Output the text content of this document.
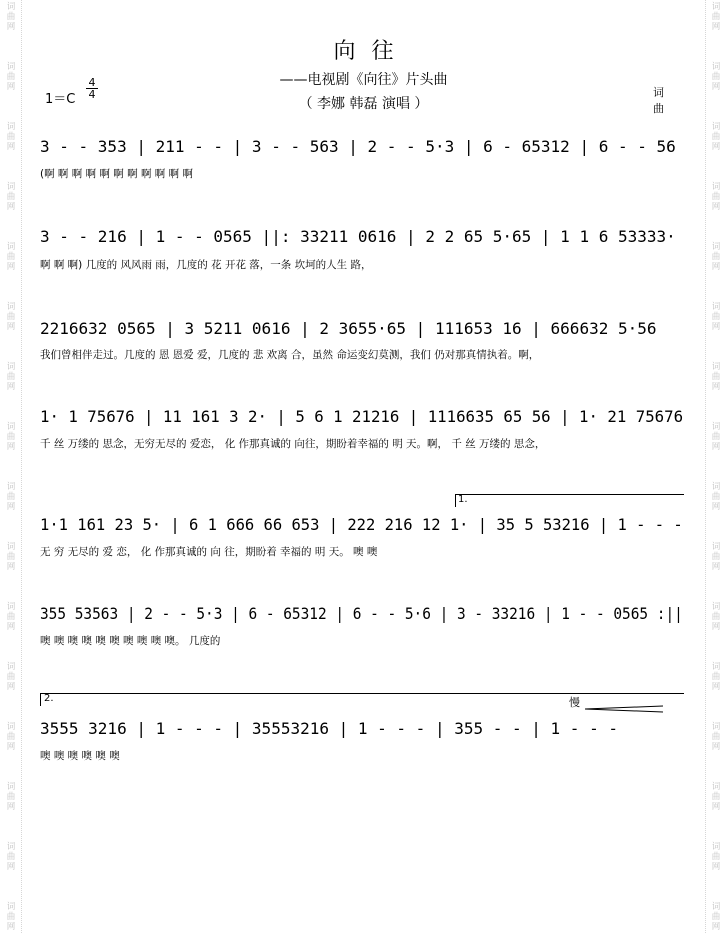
词
曲
网
词
曲
网
词
曲
网
词
曲
网
词
曲
网
词
曲
网
词
曲
网
词
曲
网
词
曲
网
词
曲
网
词
曲
网
词
曲
网
词
曲
网
词
曲
网
词
曲
网
词
曲
网
词
曲
网
词
曲
网
词
曲
网
词
曲
网
词
曲
网
词
曲
网
词
曲
网
词
曲
网
词
曲
网
词
曲
网
词
曲
网
词
曲
网
词
曲
网
词
曲
网
词
曲
网
词
曲
网
向往
——电视剧《向往》片头曲
（ 李娜 韩磊 演唱 ）
1＝C
4
4	词
曲
3 - - 353 | 211 - - | 3 - - 563 | 2 - - 5·3 | 6 - 65312 | 6 - - 56
(啊 啊 啊 啊 啊 啊 啊 啊 啊 啊 啊
3 - - 216 | 1 - - 0565 ||: 33211 0616 | 2 2 65 5·65 | 1 1 6 53333·
啊 啊 啊) 几度的 风风雨 雨，几度的 花 开花 落，一条 坎坷的人生 路，
2216632 0565 | 3 5211 0616 | 2 3655·65 | 111653 16 | 666632 5·56
我们曾相伴走过。几度的 恩 恩爱 爱，几度的 悲 欢离 合，虽然 命运变幻莫测，我们 仍对那真情执着。啊，
1· 1 75676 | 11 161 3 2· | 5 6 1 21216 | 1116635 65 56 | 1· 21 75676
千 丝 万缕的 思念，无穷无尽的 爱恋， 化 作那真诚的 向往，期盼着幸福的 明 天。啊， 千 丝 万缕的 思念，
1.
1·1 161 23 5· | 6 1 666 66 653 | 222 216 12 1· | 35 5 53216 | 1 - - -
无 穷 无尽的 爱 恋， 化 作那真诚的 向 往，期盼着 幸福的 明 天。 噢 噢
355 53563 | 2 - - 5·3 | 6 - 65312 | 6 - - 5·6 | 3 - 33216 | 1 - - 0565 :||
噢 噢 噢 噢 噢 噢 噢 噢 噢 噢。 几度的
2.	慢
3555 3216 | 1 - - - | 35553216 | 1 - - - | 355 - - | 1 - - -
噢 噢 噢 噢 噢 噢
